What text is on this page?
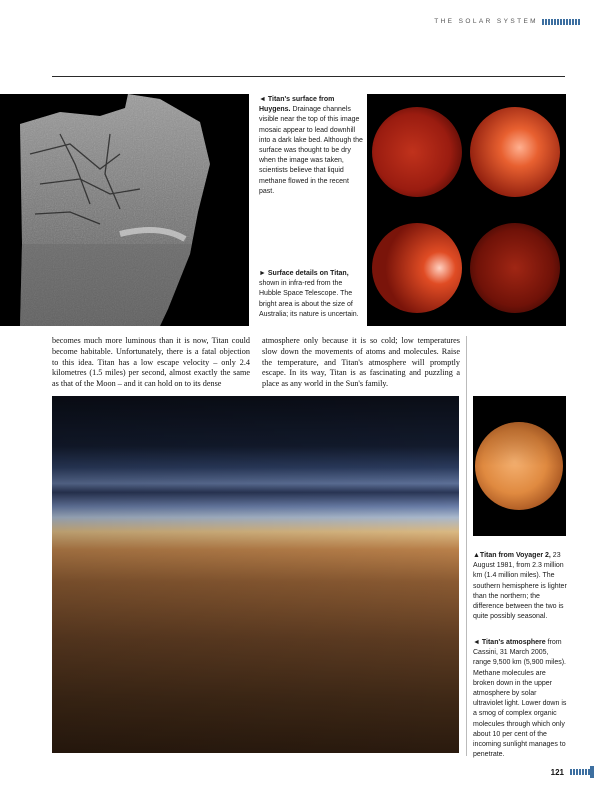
THE SOLAR SYSTEM
◄ Titan's surface from Huygens. Drainage channels visible near the top of this image mosaic appear to lead downhill into a dark lake bed. Although the surface was thought to be dry when the image was taken, scientists believe that liquid methane flowed in the recent past.
► Surface details on Titan, shown in infra-red from the Hubble Space Telescope. The bright area is about the size of Australia; its nature is uncertain.
becomes much more luminous than it is now, Titan could become habitable. Unfortunately, there is a fatal objection to this idea. Titan has a low escape velocity – only 2.4 kilometres (1.5 miles) per second, almost exactly the same as that of the Moon – and it can hold on to its dense
atmosphere only because it is so cold; low temperatures slow down the movements of atoms and molecules. Raise the temperature, and Titan's atmosphere will promptly escape. In its way, Titan is as fascinating and puzzling a place as any world in the Sun's family.
▲Titan from Voyager 2, 23 August 1981, from 2.3 million km (1.4 million miles). The southern hemisphere is lighter than the northern; the difference between the two is quite possibly seasonal.
◄ Titan's atmosphere from Cassini, 31 March 2005, range 9,500 km (5,900 miles). Methane molecules are broken down in the upper atmosphere by solar ultraviolet light. Lower down is a smog of complex organic molecules through which only about 10 per cent of the incoming sunlight manages to penetrate.
121
